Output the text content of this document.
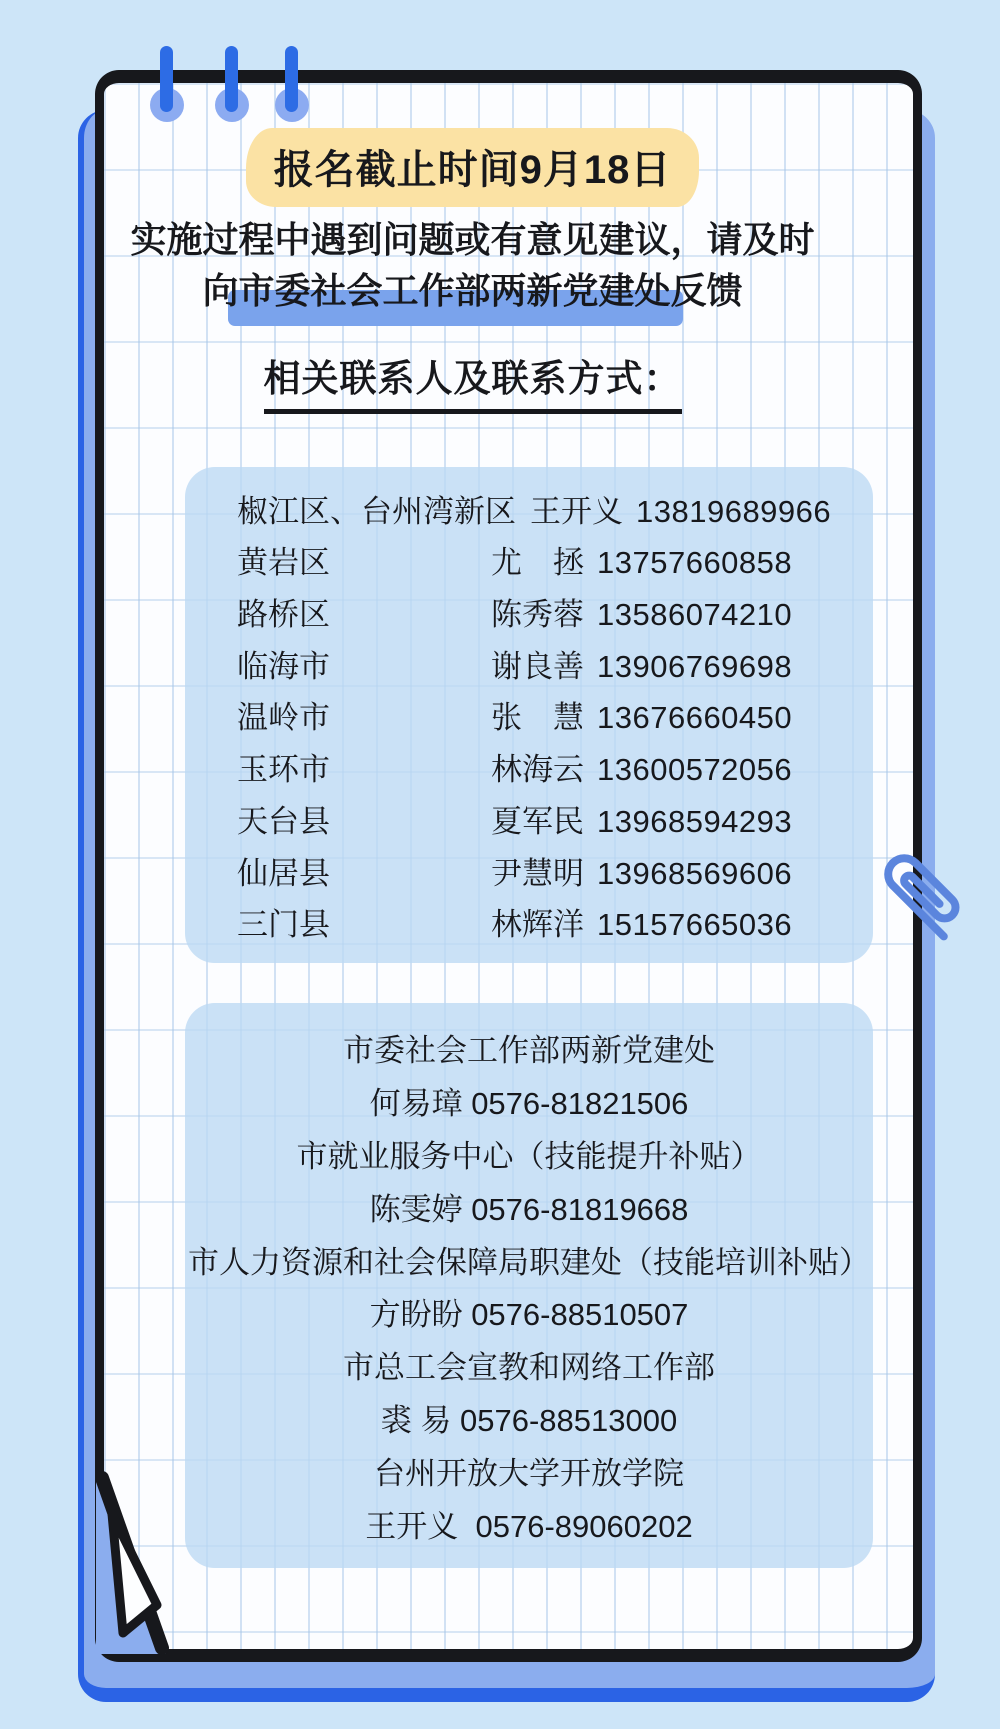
报名截止时间9月18日
实施过程中遇到问题或有意见建议，请及时
向市委社会工作部两新党建处反馈
相关联系人及联系方式：
椒江区、台州湾新区 王开义 13819689966
黄岩区	尤　拯 13757660858
路桥区	陈秀蓉 13586074210
临海市	谢良善 13906769698
温岭市	张　慧 13676660450
玉环市	林海云 13600572056
天台县	夏军民 13968594293
仙居县	尹慧明 13968569606
三门县	林辉洋 15157665036
市委社会工作部两新党建处
何易璋 0576-81821506
市就业服务中心（技能提升补贴）
陈雯婷 0576-81819668
市人力资源和社会保障局职建处（技能培训补贴）
方盼盼 0576-88510507
市总工会宣教和网络工作部
裘 易 0576-88513000
台州开放大学开放学院
王开义  0576-89060202
